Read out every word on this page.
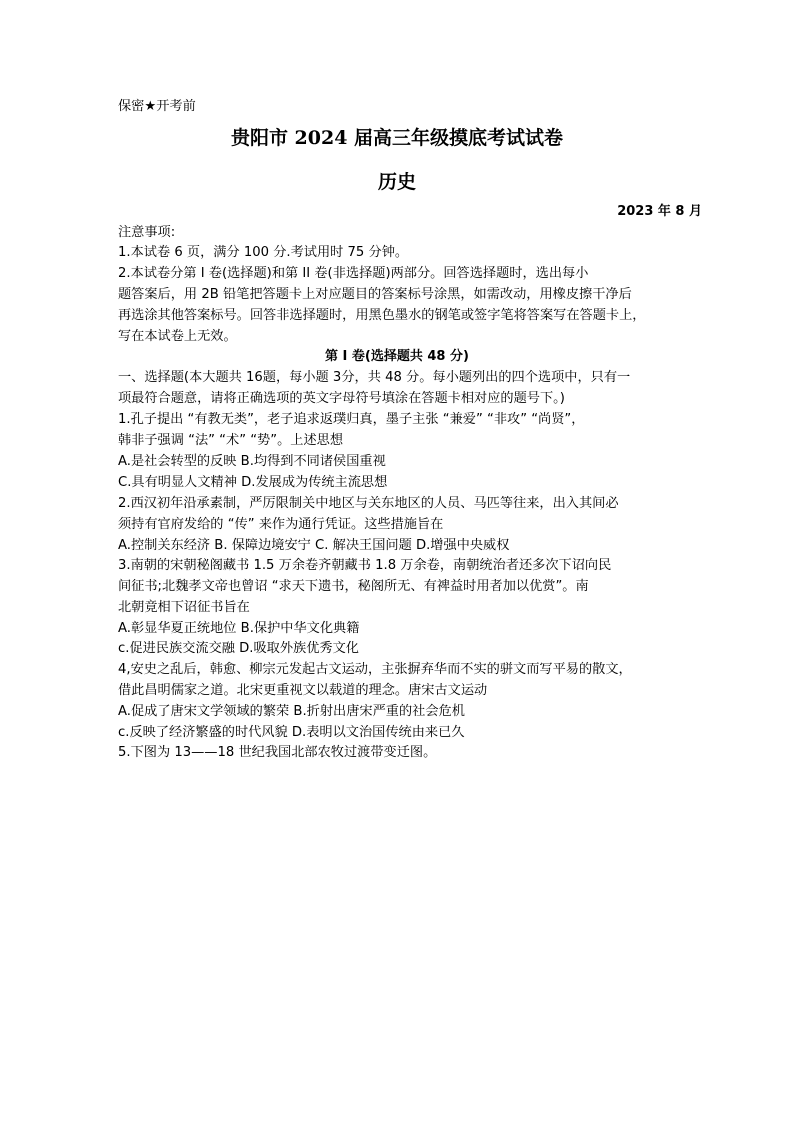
保密★开考前
贵阳市 2024 届高三年级摸底考试试卷
历史
2023 年 8 月
注意事项:
1.本试卷 6 页，满分 100 分.考试用时 75 分钟。
2.本试卷分第 I 卷(选择题)和第 II 卷(非选择题)两部分。回答选择题时，选出每小
题答案后，用 2B 铅笔把答题卡上对应题目的答案标号涂黑，如需改动，用橡皮擦干净后
再选涂其他答案标号。回答非选择题时，用黑色墨水的钢笔或签字笔将答案写在答题卡上，
写在本试卷上无效。
第 I 卷(选择题共 48 分)
一、选择题(本大题共 16题，每小题 3分，共 48 分。每小题列出的四个选项中，只有一
项最符合题意，请将正确选项的英文字母符号填涂在答题卡相对应的题号下。)
1.孔子提出 “有教无类”，老子追求返璞归真，墨子主张 “兼爱” “非攻” “尚贤”，
韩非子强调 “法” “术” “势”。上述思想
A.是社会转型的反映 B.均得到不同诸侯国重视
C.具有明显人文精神 D.发展成为传统主流思想
2.西汉初年沿承素制，严厉限制关中地区与关东地区的人员、马匹等往来，出入其间必
须持有官府发给的 “传” 来作为通行凭证。这些措施旨在
A.控制关东经济 B. 保障边境安宁 C. 解决王国问题 D.增强中央威权
3.南朝的宋朝秘阁藏书 1.5 万余卷齐朝藏书 1.8 万余卷，南朝统治者还多次下诏向民
间征书;北魏孝文帝也曾诏 “求天下遗书，秘阁所无、有禆益时用者加以优赏”。南
北朝竟相下诏征书旨在
A.彰显华夏正统地位 B.保护中华文化典籍
c.促进民族交流交融 D.吸取外族优秀文化
4,安史之乱后，韩愈、柳宗元发起古文运动，主张摒弃华而不实的骈文而写平易的散文，
借此昌明儒家之道。北宋更重视文以载道的理念。唐宋古文运动
A.促成了唐宋文学领域的繁荣 B.折射出唐宋严重的社会危机
c.反映了经济繁盛的时代风貌 D.表明以文治国传统由来已久
5.下图为 13——18 世纪我国北部农牧过渡带变迁图。
